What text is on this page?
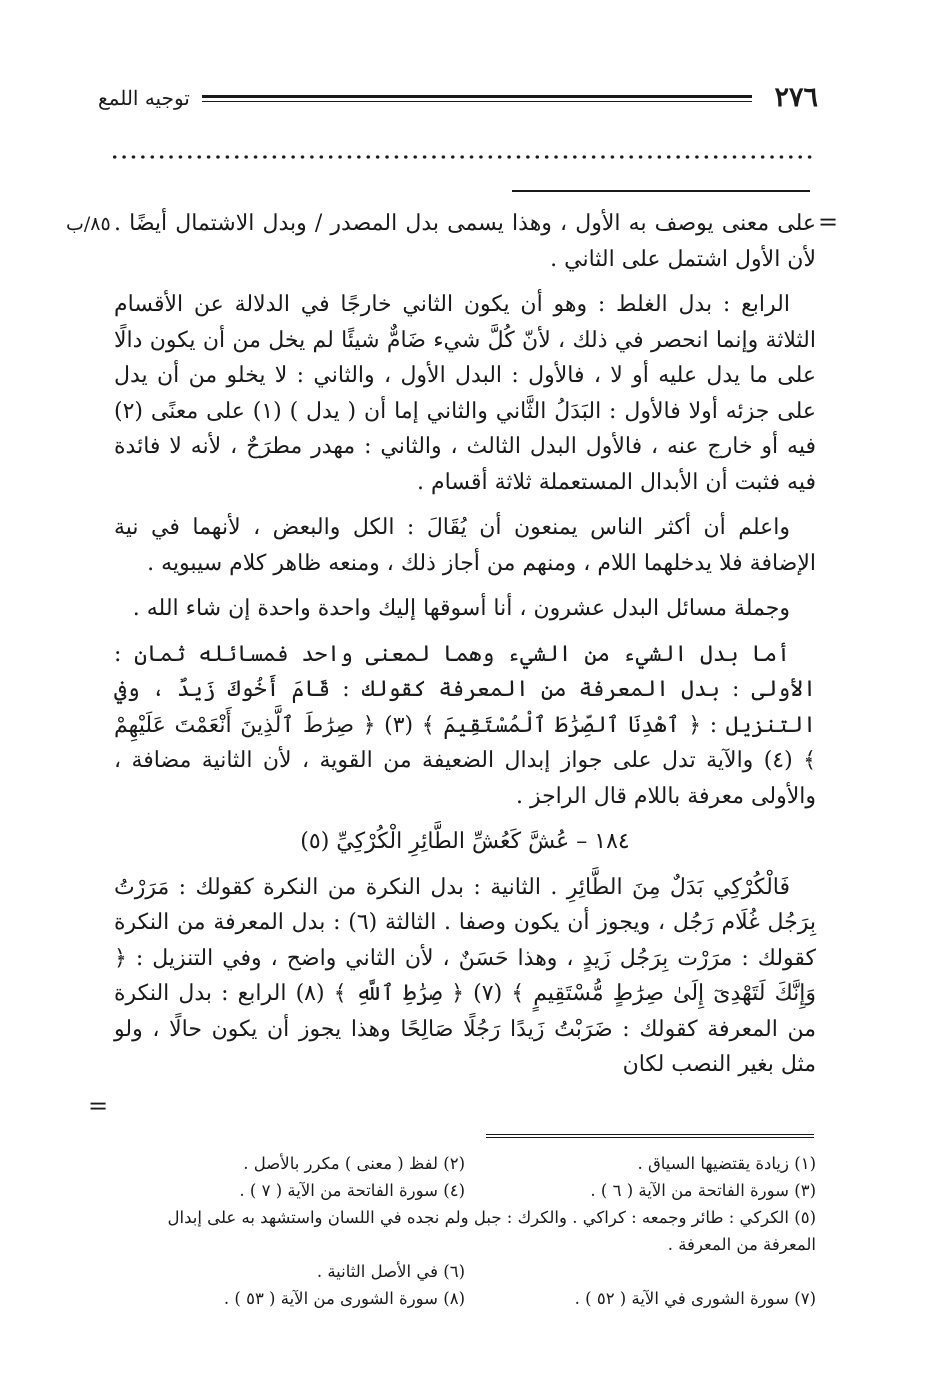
٢٧٦
توجيه اللمع
=
٨٥/ب على معنى يوصف به الأول ، وهذا يسمى بدل المصدر / وبدل الاشتمال أيضًا . لأن الأول اشتمل على الثاني .

الرابع : بدل الغلط : وهو أن يكون الثاني خارجًا في الدلالة عن الأقسام الثلاثة وإنما انحصر في ذلك ، لأنّ كُلَّ شيء ضَامٌّ شيئًا لم يخل من أن يكون دالًا على ما يدل عليه أو لا ، فالأول : البدل الأول ، والثاني : لا يخلو من أن يدل على جزئه أولا فالأول : البَدَلُ الثَّاني والثاني إما أن ( يدل ) (١) على معنًى (٢) فيه أو خارج عنه ، فالأول البدل الثالث ، والثاني : مهدر مطرَحٌ ، لأنه لا فائدة فيه فثبت أن الأبدال المستعملة ثلاثة أقسام .

واعلم أن أكثر الناس يمنعون أن يُقَالَ : الكل والبعض ، لأنهما في نية الإضافة فلا يدخلهما اللام ، ومنهم من أجاز ذلك ، ومنعه ظاهر كلام سيبويه .

وجملة مسائل البدل عشرون ، أنا أسوقها إليك واحدة واحدة إن شاء الله .

أما بدل الشيء من الشيء وهما لمعنى واحد فمسائله ثمان : الأولى : بدل المعرفة من المعرفة كقولك : قَامَ أَخُوكَ زَيدٌ ، وفي التنزيل : ﴿ ٱهْدِنَا ٱلصِّرَٰطَ ٱلْمُسْتَقِيمَ ﴾ (٣) ﴿ صِرَٰطَ ٱلَّذِينَ أَنْعَمْتَ عَلَيْهِمْ ﴾ (٤) والآية تدل على جواز إبدال الضعيفة من القوية ، لأن الثانية مضافة ، والأولى معرفة باللام قال الراجز .

١٨٤ – عُشَّ كَعُشِّ الطَّائِرِ الْكُرْكِيِّ (٥)

فَالْكُرْكِي بَدَلٌ مِنَ الطَّائِرِ . الثانية : بدل النكرة من النكرة كقولك : مَرَرْتُ بِرَجُل غُلَام رَجُل ، ويجوز أن يكون وصفا . الثالثة (٦) : بدل المعرفة من النكرة كقولك : مرَرْت بِرَجُل زَيدٍ ، وهذا حَسَنٌ ، لأن الثاني واضح ، وفي التنزيل : ﴿ وَإِنَّكَ لَتَهْدِىٓ إِلَىٰ صِرَٰطٍ مُّسْتَقِيمٍ ﴾ (٧) ﴿ صِرَٰطِ ٱللَّهِ ﴾ (٨) الرابع : بدل النكرة من المعرفة كقولك : ضَرَبْتُ زَيدًا رَجُلًا صَالِحًا وهذا يجوز أن يكون حالًا ، ولو مثل بغير النصب لكان

=
(١) زيادة يقتضيها السياق .
(٢) لفظ ( معنى ) مكرر بالأصل .
(٣) سورة الفاتحة من الآية ( ٦ ) .
(٤) سورة الفاتحة من الآية ( ٧ ) .
(٥) الكركي : طائر وجمعه : كراكي . والكرك : جبل ولم نجده في اللسان واستشهد به على إبدال المعرفة من المعرفة .
(٦) في الأصل الثانية .
(٧) سورة الشورى في الآية ( ٥٢ ) .
(٨) سورة الشورى من الآية ( ٥٣ ) .
